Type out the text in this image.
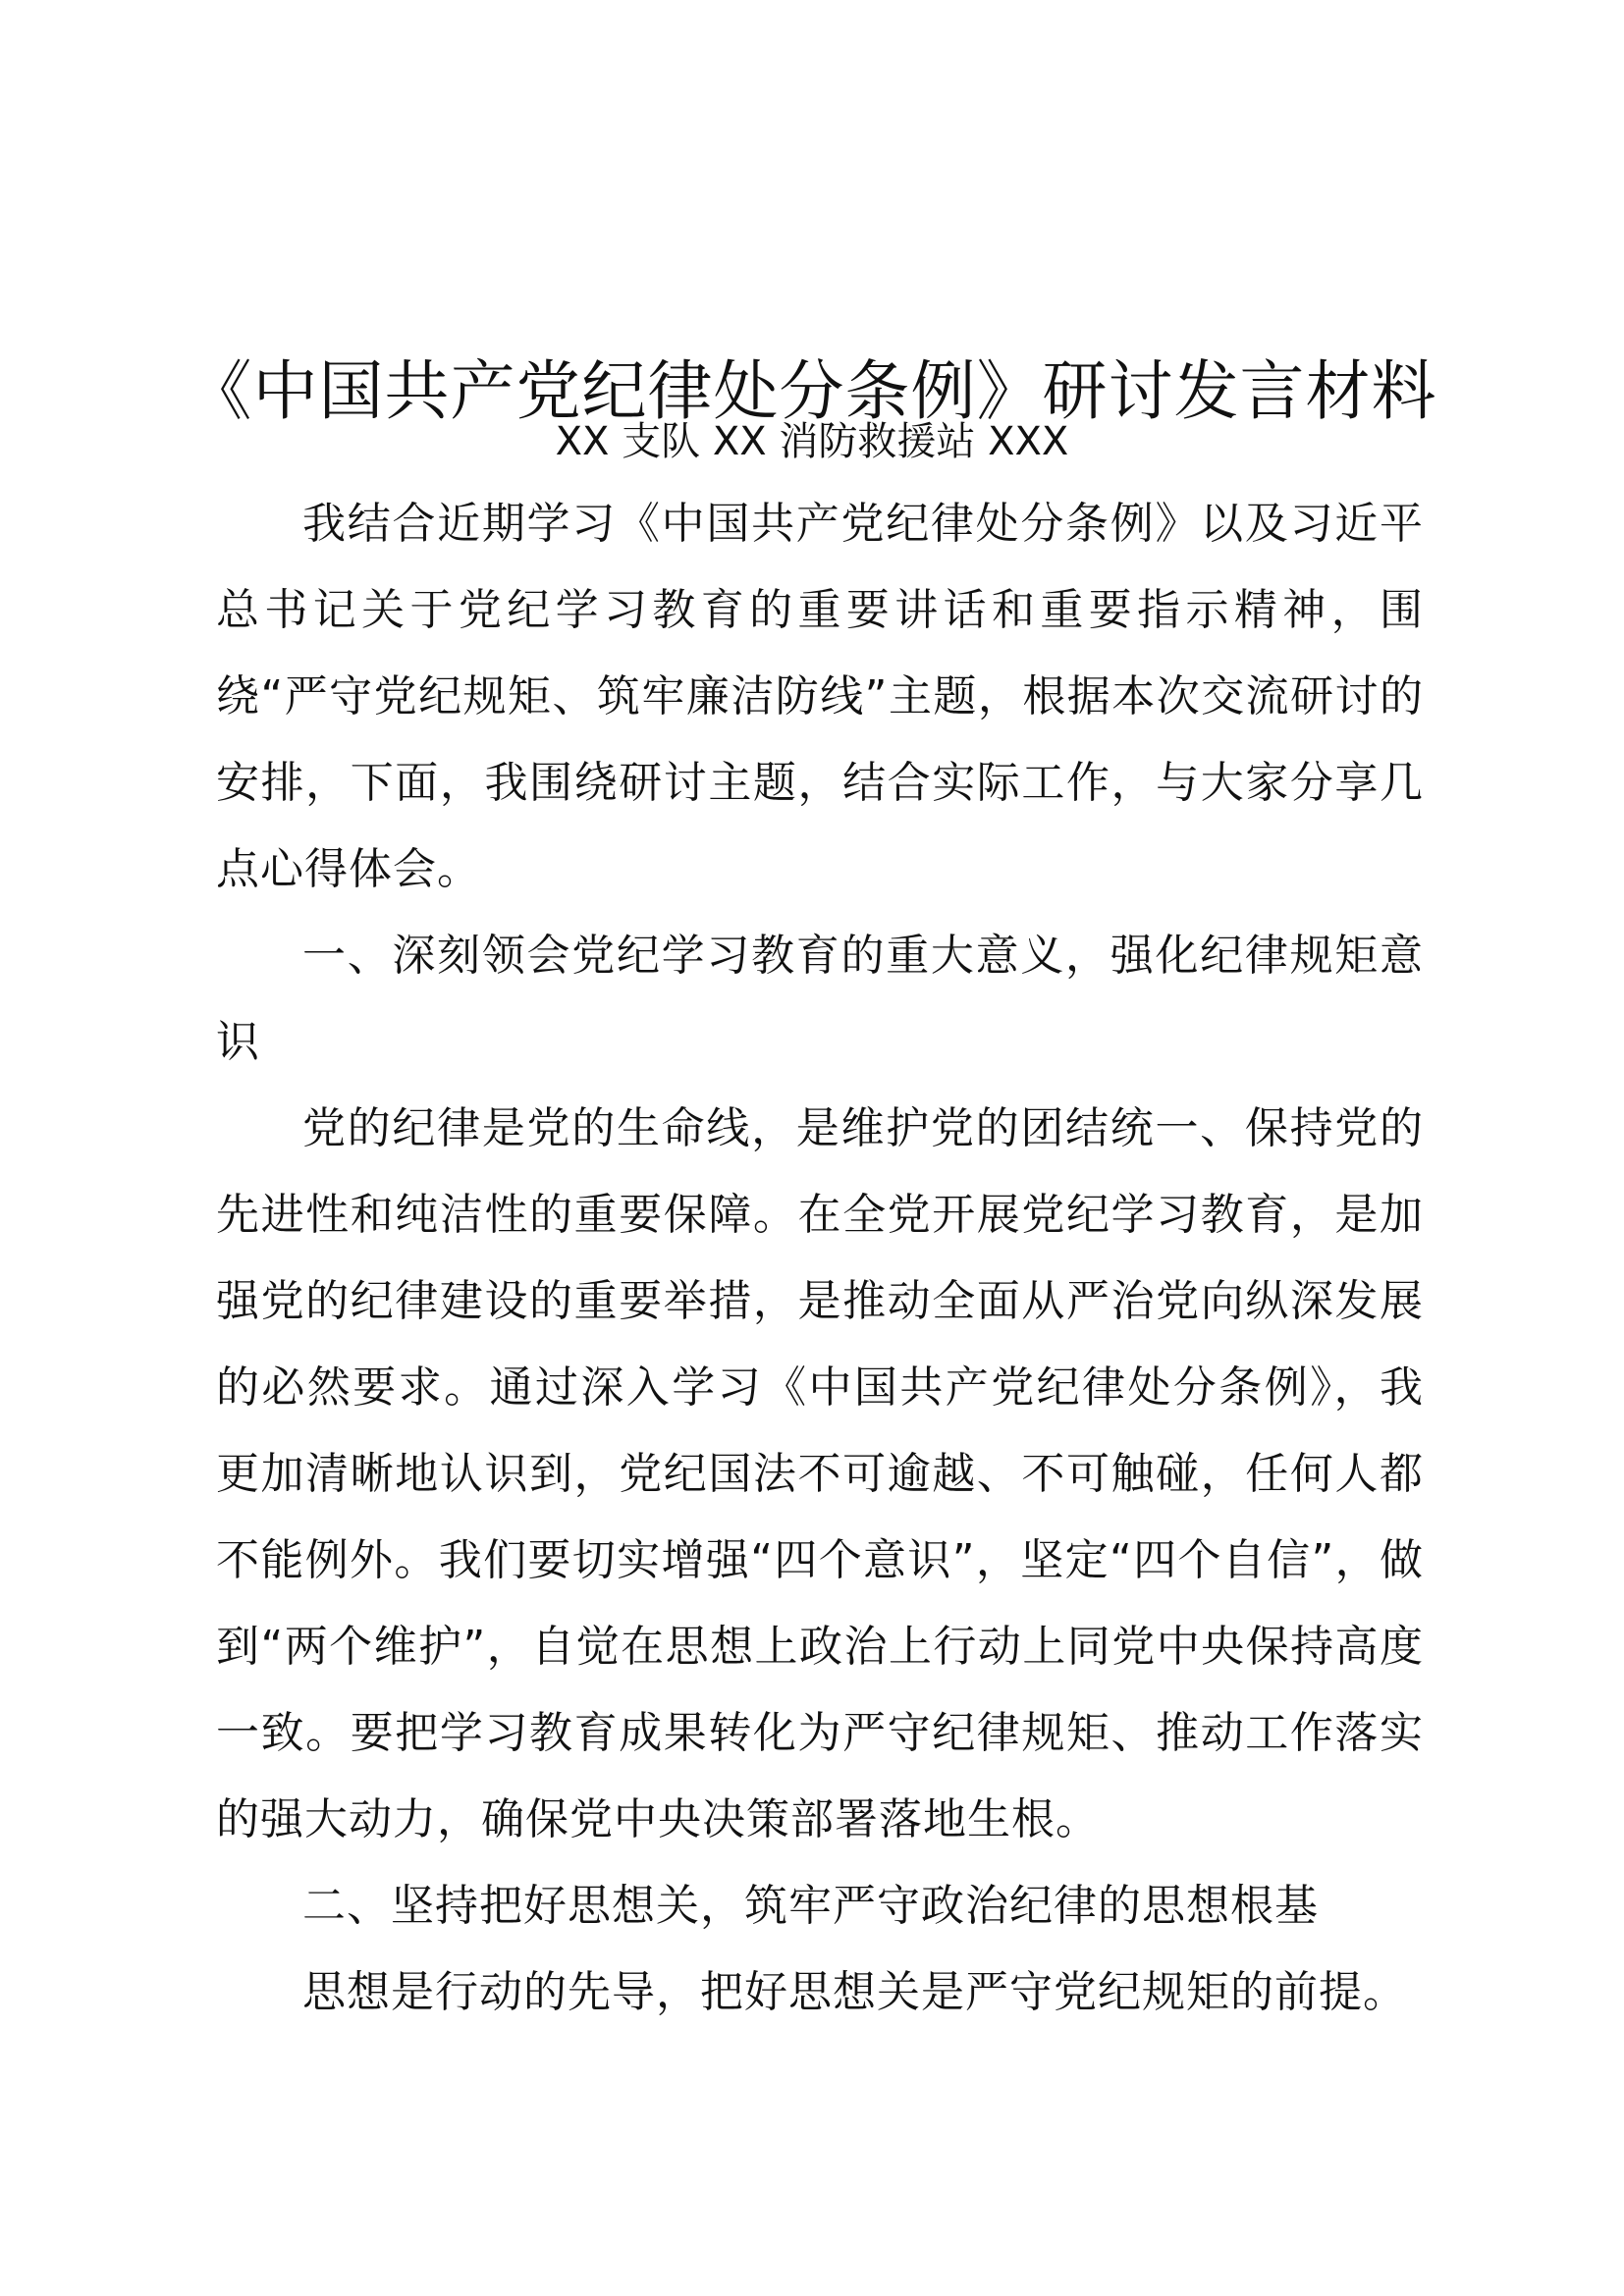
《中国共产党纪律处分条例》研讨发言材料
XX 支队 XX 消防救援站 XXX

我结合近期学习《中国共产党纪律处分条例》以及习近平总书记关于党纪学习教育的重要讲话和重要指示精神，围绕“严守党纪规矩、筑牢廉洁防线”主题，根据本次交流研讨的安排，下面，我围绕研讨主题，结合实际工作，与大家分享几点心得体会。

一、深刻领会党纪学习教育的重大意义，强化纪律规矩意识

党的纪律是党的生命线，是维护党的团结统一、保持党的先进性和纯洁性的重要保障。在全党开展党纪学习教育，是加强党的纪律建设的重要举措，是推动全面从严治党向纵深发展的必然要求。通过深入学习《中国共产党纪律处分条例》，我更加清晰地认识到，党纪国法不可逾越、不可触碰，任何人都不能例外。我们要切实增强“四个意识”，坚定“四个自信”，做到“两个维护”，自觉在思想上政治上行动上同党中央保持高度一致。要把学习教育成果转化为严守纪律规矩、推动工作落实的强大动力，确保党中央决策部署落地生根。

二、坚持把好思想关，筑牢严守政治纪律的思想根基

思想是行动的先导，把好思想关是严守党纪规矩的前提。
